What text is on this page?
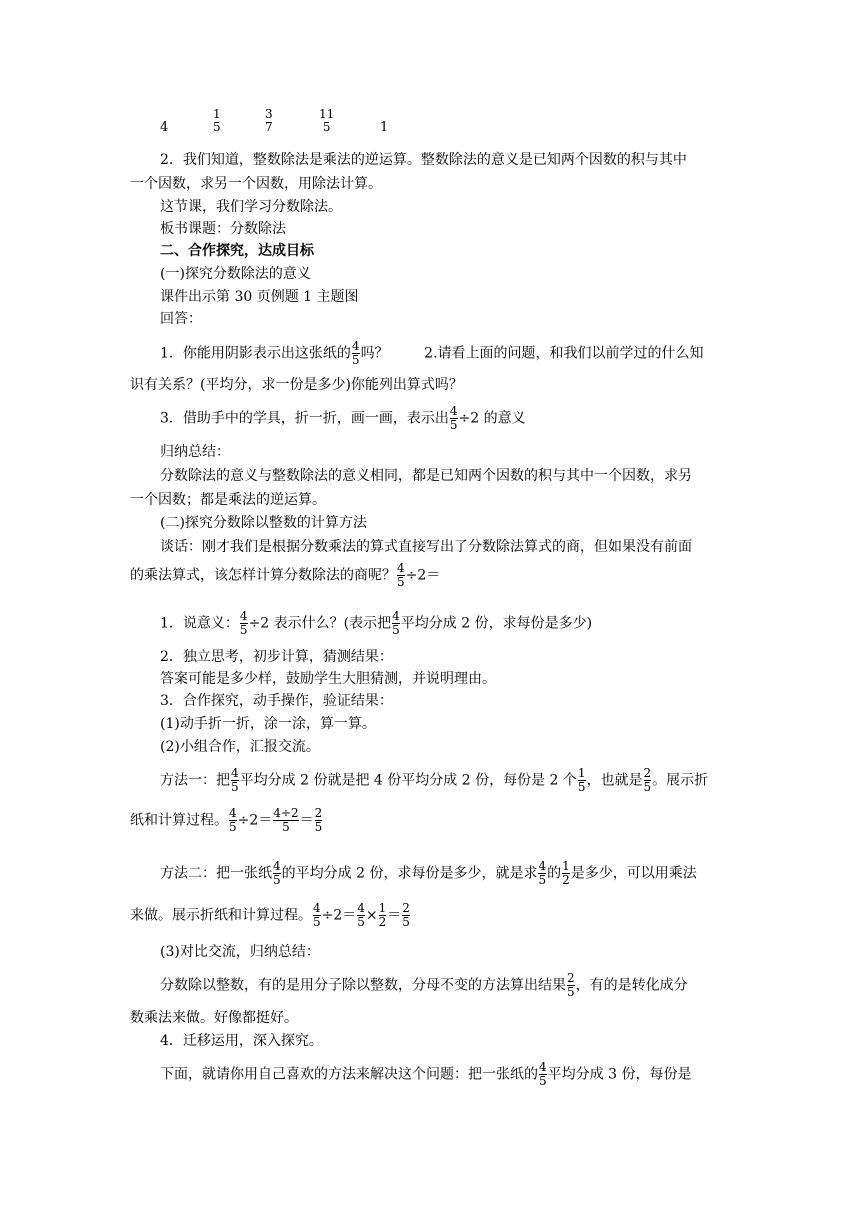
4
1
5
3
7
11
5	1
2．我们知道，整数除法是乘法的逆运算。整数除法的意义是已知两个因数的积与其中
一个因数，求另一个因数，用除法计算。
这节课，我们学习分数除法。
板书课题：分数除法
二、合作探究，达成目标
(一)探究分数除法的意义
课件出示第 30 页例题 1 主题图
回答：
1．你能用阴影表示出这张纸的 $\frac{4}{5}$ 吗？	2.请看上面的问题，和我们以前学过的什么知
识有关系？(平均分，求一份是多少)你能列出算式吗？
3．借助手中的学具，折一折，画一画，表示出 $\frac{4}{5} \div 2$ 的意义
归纳总结：
分数除法的意义与整数除法的意义相同，都是已知两个因数的积与其中一个因数，求另
一个因数；都是乘法的逆运算。
(二)探究分数除以整数的计算方法
谈话：刚才我们是根据分数乘法的算式直接写出了分数除法算式的商，但如果没有前面
的乘法算式，该怎样计算分数除法的商呢？ $\frac{4}{5} \div 2=$
1．说意义： $\frac{4}{5} \div 2$ 表示什么？(表示把 $\frac{4}{5}$ 平均分成 2 份，求每份是多少)
2．独立思考，初步计算，猜测结果：
答案可能是多少样，鼓励学生大胆猜测，并说明理由。
3．合作探究，动手操作，验证结果：
(1)动手折一折，涂一涂，算一算。
(2)小组合作，汇报交流。
方法一：把 $\frac{4}{5}$ 平均分成 2 份就是把 4 份平均分成 2 份，每份是 2 个 $\frac{1}{5}$ ，也就是 $\frac{2}{5}$ 。展示折
纸和计算过程。 $\frac{4}{5} \div 2= \frac{4\div 2}{5} = \frac{2}{5}$
方法二：把一张纸 $\frac{4}{5}$ 的平均分成 2 份，求每份是多少，就是求 $\frac{4}{5}$ 的 $\frac{1}{2}$ 是多少，可以用乘法
来做。展示折纸和计算过程。 $\frac{4}{5} \div 2= \frac{4}{5} \times \frac{1}{2} = \frac{2}{5}$
(3)对比交流，归纳总结：
分数除以整数，有的是用分子除以整数，分母不变的方法算出结果 $\frac{2}{5}$ ，有的是转化成分
数乘法来做。好像都挺好。
4．迁移运用，深入探究。
下面，就请你用自己喜欢的方法来解决这个问题：把一张纸的 $\frac{4}{5}$ 平均分成 3 份，每份是
